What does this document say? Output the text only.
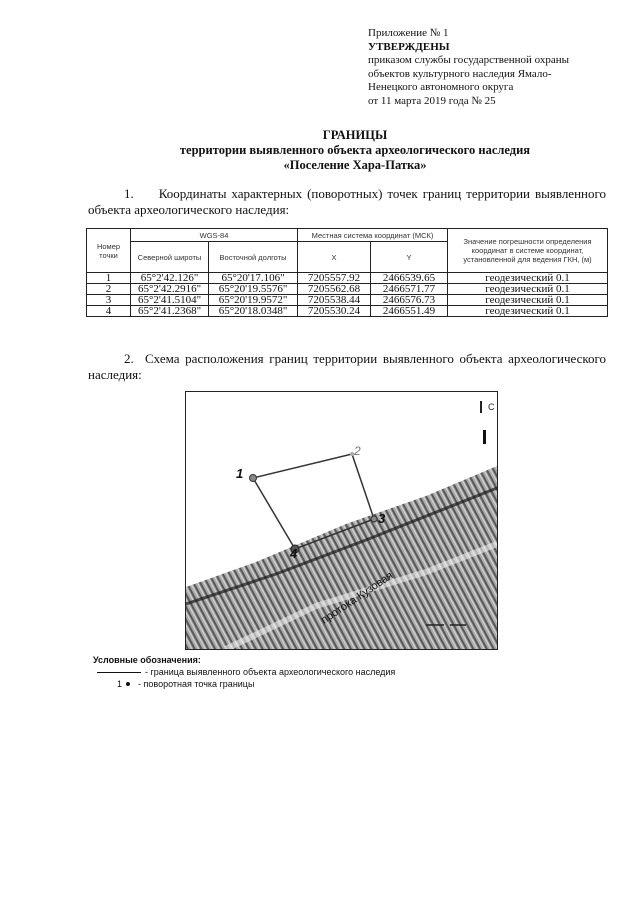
Приложение № 1
УТВЕРЖДЕНЫ
приказом службы государственной охраны
объектов культурного наследия Ямало-
Ненецкого автономного округа
от 11 марта 2019 года № 25
ГРАНИЦЫ
территории выявленного объекта археологического наследия
«Поселение Хара-Патка»

1. Координаты характерных (поворотных) точек границ территории выявленного объекта археологического наследия:

Номер точки	WGS-84		Местная система координат (МСК)		Значение погрешности определения координат в системе координат, установленной для ведения ГКН, (м)
	Северной широты	Восточной долготы	X	Y	
1	65°2'42.126"	65°20'17.106"	7205557.92	2466539.65	геодезический 0.1
2	65°2'42.2916"	65°20'19.5576"	7205562.68	2466571.77	геодезический 0.1
3	65°2'41.5104"	65°20'19.9572"	7205538.44	2466576.73	геодезический 0.1
4	65°2'41.2368"	65°20'18.0348"	7205530.24	2466551.49	геодезический 0.1

2. Схема расположения границ территории выявленного объекта археологического наследия:

1
2
3
4
протока Кузовая
С
Условные обозначения:
- граница выявленного объекта археологического наследия
1 - поворотная точка границы
